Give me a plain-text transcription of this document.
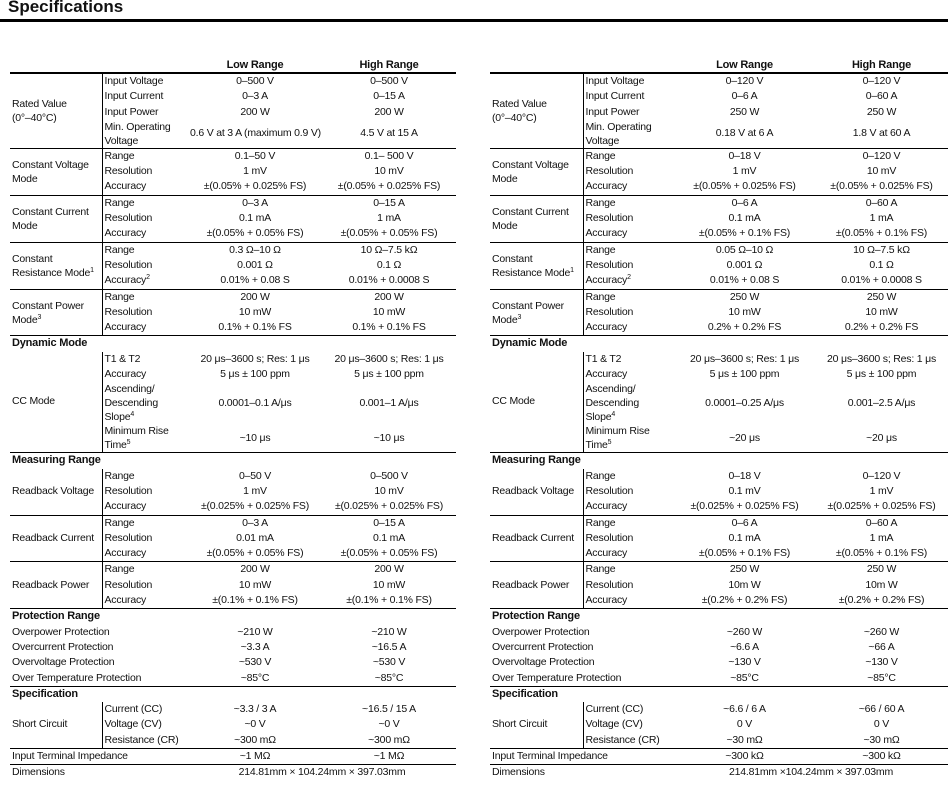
Specifications
		Low Range	High Range
Rated Value
(0°–40°C)	Input Voltage	0–500 V	0–500 V
	Input Current	0–3 A	0–15 A
	Input Power	200 W	200 W
	Min. Operating
Voltage	0.6 V at 3 A (maximum 0.9 V)	4.5 V at 15 A
Constant Voltage
Mode	Range	0.1–50 V	0.1– 500 V
	Resolution	1 mV	10 mV
	Accuracy	±(0.05% + 0.025% FS)	±(0.05% + 0.025% FS)
Constant Current
Mode	Range	0–3 A	0–15 A
	Resolution	0.1 mA	1 mA
	Accuracy	±(0.05% + 0.05% FS)	±(0.05% + 0.05% FS)
Constant
Resistance Mode$^1$	Range	0.3 Ω–10 Ω	10 Ω–7.5 kΩ
	Resolution	0.001 Ω	0.1 Ω
	Accuracy$^2$	0.01% + 0.08 S	0.01% + 0.0008 S
Constant Power
Mode$^3$	Range	200 W	200 W
	Resolution	10 mW	10 mW
	Accuracy	0.1% + 0.1% FS	0.1% + 0.1% FS
Dynamic Mode			
CC Mode	T1 & T2	20 μs–3600 s; Res: 1 μs	20 μs–3600 s; Res: 1 μs
	Accuracy	5 μs ± 100 ppm	5 μs ± 100 ppm
	Ascending/
Descending
Slope$^4$	0.0001–0.1 A/μs	0.001–1 A/μs
	Minimum Rise
Time$^5$	~10 μs	~10 μs
Measuring Range			
Readback Voltage	Range	0–50 V	0–500 V
	Resolution	1 mV	10 mV
	Accuracy	±(0.025% + 0.025% FS)	±(0.025% + 0.025% FS)
Readback Current	Range	0–3 A	0–15 A
	Resolution	0.01 mA	0.1 mA
	Accuracy	±(0.05% + 0.05% FS)	±(0.05% + 0.05% FS)
Readback Power	Range	200 W	200 W
	Resolution	10 mW	10 mW
	Accuracy	±(0.1% + 0.1% FS)	±(0.1% + 0.1% FS)
Protection Range			
Overpower Protection		~210 W	~210 W
Overcurrent Protection		~3.3 A	~16.5 A
Overvoltage Protection		~530 V	~530 V
Over Temperature Protection		~85°C	~85°C
Specification			
Short Circuit	Current (CC)	~3.3 / 3 A	~16.5 / 15 A
	Voltage (CV)	~0 V	~0 V
	Resistance (CR)	~300 mΩ	~300 mΩ
Input Terminal Impedance		~1 MΩ	~1 MΩ
Dimensions		214.81mm × 104.24mm × 397.03mm	
		Low Range	High Range
Rated Value
(0°–40°C)	Input Voltage	0–120 V	0–120 V
	Input Current	0–6 A	0–60 A
	Input Power	250 W	250 W
	Min. Operating
Voltage	0.18 V at 6 A	1.8 V at 60 A
Constant Voltage
Mode	Range	0–18 V	0–120 V
	Resolution	1 mV	10 mV
	Accuracy	±(0.05% + 0.025% FS)	±(0.05% + 0.025% FS)
Constant Current
Mode	Range	0–6 A	0–60 A
	Resolution	0.1 mA	1 mA
	Accuracy	±(0.05% + 0.1% FS)	±(0.05% + 0.1% FS)
Constant
Resistance Mode$^1$	Range	0.05 Ω–10 Ω	10 Ω–7.5 kΩ
	Resolution	0.001 Ω	0.1 Ω
	Accuracy$^2$	0.01% + 0.08 S	0.01% + 0.0008 S
Constant Power
Mode$^3$	Range	250 W	250 W
	Resolution	10 mW	10 mW
	Accuracy	0.2% + 0.2% FS	0.2% + 0.2% FS
Dynamic Mode			
CC Mode	T1 & T2	20 μs–3600 s; Res: 1 μs	20 μs–3600 s; Res: 1 μs
	Accuracy	5 μs ± 100 ppm	5 μs ± 100 ppm
	Ascending/
Descending
Slope$^4$	0.0001–0.25 A/μs	0.001–2.5 A/μs
	Minimum Rise
Time$^5$	~20 μs	~20 μs
Measuring Range			
Readback Voltage	Range	0–18 V	0–120 V
	Resolution	0.1 mV	1 mV
	Accuracy	±(0.025% + 0.025% FS)	±(0.025% + 0.025% FS)
Readback Current	Range	0–6 A	0–60 A
	Resolution	0.1 mA	1 mA
	Accuracy	±(0.05% + 0.1% FS)	±(0.05% + 0.1% FS)
Readback Power	Range	250 W	250 W
	Resolution	10m W	10m W
	Accuracy	±(0.2% + 0.2% FS)	±(0.2% + 0.2% FS)
Protection Range			
Overpower Protection		~260 W	~260 W
Overcurrent Protection		~6.6 A	~66 A
Overvoltage Protection		~130 V	~130 V
Over Temperature Protection		~85°C	~85°C
Specification			
Short Circuit	Current (CC)	~6.6 / 6 A	~66 / 60 A
	Voltage (CV)	0 V	0 V
	Resistance (CR)	~30 mΩ	~30 mΩ
Input Terminal Impedance		~300 kΩ	~300 kΩ
Dimensions		214.81mm ×104.24mm × 397.03mm	
